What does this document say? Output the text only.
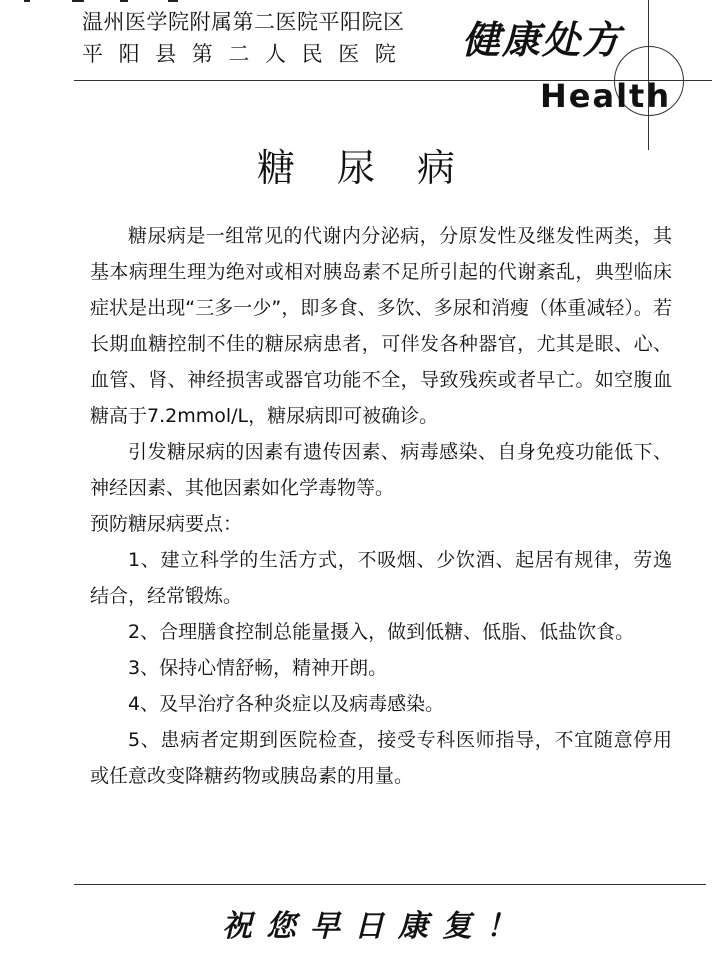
温州医学院附属第二医院平阳院区
平阳县第二人民医院 健康处方
Health
糖尿病

糖尿病是一组常见的代谢内分泌病，分原发性及继发性两类，其基本病理生理为绝对或相对胰岛素不足所引起的代谢紊乱，典型临床症状是出现“三多一少”，即多食、多饮、多尿和消瘦（体重减轻）。若长期血糖控制不佳的糖尿病患者，可伴发各种器官，尤其是眼、心、血管、肾、神经损害或器官功能不全，导致残疾或者早亡。如空腹血糖高于7.2mmol/L，糖尿病即可被确诊。

引发糖尿病的因素有遗传因素、病毒感染、自身免疫功能低下、神经因素、其他因素如化学毒物等。

预防糖尿病要点：

1、建立科学的生活方式，不吸烟、少饮酒、起居有规律，劳逸结合，经常锻炼。

2、合理膳食控制总能量摄入，做到低糖、低脂、低盐饮食。

3、保持心情舒畅，精神开朗。

4、及早治疗各种炎症以及病毒感染。

5、患病者定期到医院检查，接受专科医师指导，不宜随意停用或任意改变降糖药物或胰岛素的用量。

祝您早日康复！
